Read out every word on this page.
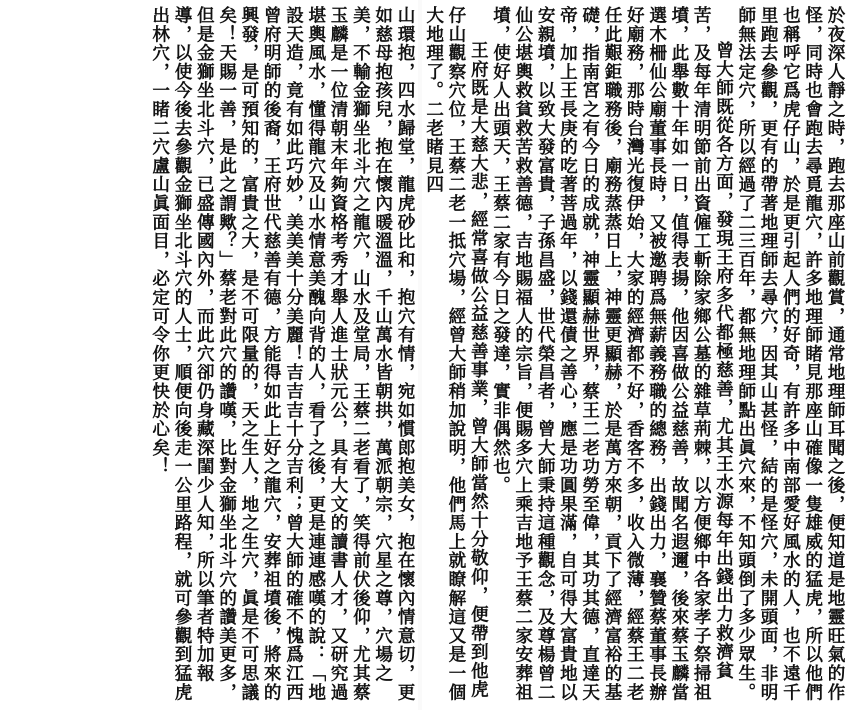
於夜深人靜之時，跑去那座山前觀賞，通常地理師耳聞之後，便知道是地靈旺氣的作怪，同時也會跑去尋覓龍穴，許多地理師睹見那座山確像一隻雄威的猛虎，所以他們也稱呼它爲虎仔山，於是更引起人們的好奇，有許多中南部愛好風水的人，也不遠千里跑去參觀，更有的帶著地理師去尋穴，因其山甚怪，結的是怪穴，未開頭面，非明師無法定穴，所以經過了二三百年，都無地理師點出眞穴來，不知頭倒了多少眾生。

曾大師既從各方面，發現王府多代都極慈善，尤其王水源每年出錢出力救濟貧苦，及每年清明節前出資僱工斬除家鄉公墓的雜草荊棘，以方便鄉中各家孝子祭掃祖墳，此舉數十年如一日，值得表揚，他因喜做公益慈善，故聞名遐邇，後來蔡玉麟當選木柵仙公廟董事長時，又被邀聘爲無薪義務職的總務，出錢出力，襄贊蔡董事長辦好廟務，那時台灣光復伊始，大家的經濟都不好，香客不多，收入微薄，經蔡王二老任此艱鉅職務後，廟務蒸蒸日上，神靈更顯赫，於是萬方來朝，貢下了經濟富裕的基礎，指南宮之有今日的成就，神靈顯赫世界，蔡王二老功勞至偉，其功其德，直達天帝，加上王長庚的吃著菩過年，以錢還債之善心，應是功圓果滿，自可得大富貴地以安親墳，以致大發富貴，子孫昌盛，世代榮昌者，曾大師秉持這種觀念，及尊楊曾二仙公堪輿救貧救苦救善德，吉地賜福人的宗旨，便賜多穴上乘吉地予王蔡二家安葬祖墳，使好人出頭天，王蔡二家有今日之發達，實非偶然也。

王府既是大慈大悲，經常喜做公益慈善事業，曾大師當然十分敬仰，便帶到他虎仔山觀察穴位，王蔡二老一抵穴場，經曾大師稍加說明，他們馬上就瞭解這又是一個大地理了。二老睹見四

山環抱，四水歸堂，龍虎砂比和，抱穴有情，宛如慣郎抱美女，抱在懷內情意切，更如慈母抱孩兒，抱在懷內暖溫溫，千山萬水皆朝拱，萬派朝宗，穴星之尊，穴場之美，不輸金獅坐北斗穴之龍穴，山水及堂局，王蔡二老看了，笑得前伏後仰，尤其蔡玉麟是一位清朝末年夠資格考秀才舉人進士狀元公，具有大文的讀書人才，又研究過堪輿風水，懂得龍穴及山水情意美醜向背的人，看了之後，更是連連感嘆的說：「地設天造，竟有如此巧妙，美美美十分美麗！吉吉吉十分吉利；曾大師的確不愧爲江西曾府明師的後裔，王府世代慈善有德，方能得如此上好之龍穴，安葬祖墳後，將來的興發，是可預知的，富貴之大，是不可限量的，天之生人，地之生穴，眞是不可思議矣！天賜一善，是此之謂歟？」蔡老對此穴的讚嘆，比對金獅坐北斗穴的讚美更多，但是金獅坐北斗穴，已盛傳國內外，而此穴卻仍身藏深閨少人知，所以筆者特加報導，以使今後去參觀金獅坐北斗穴的人士，順便向後走一公里路程，就可參觀到猛虎出林穴，一睹二穴盧山眞面目，必定可令你更快於心矣！
